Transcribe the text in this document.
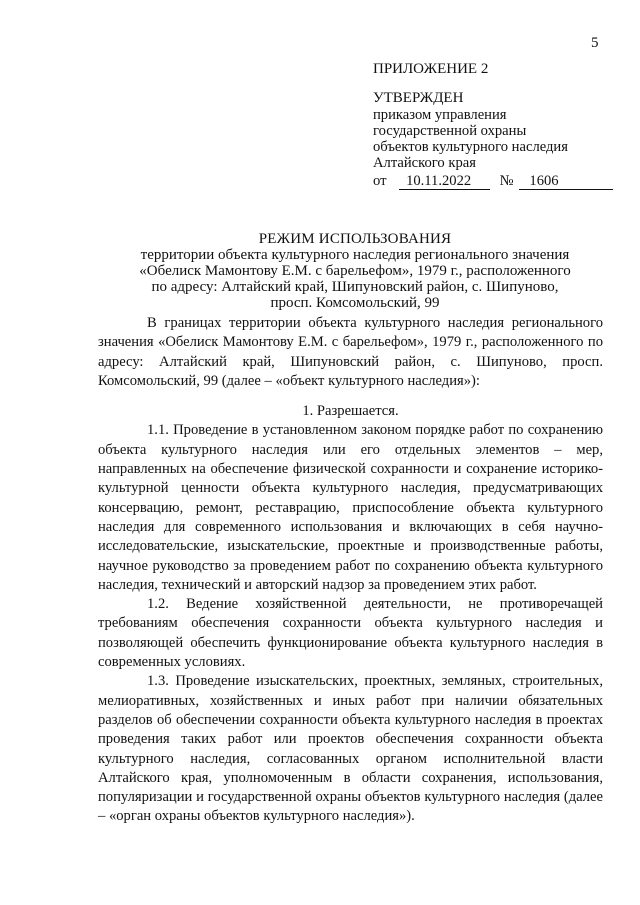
5
ПРИЛОЖЕНИЕ 2
УТВЕРЖДЕН
приказом управления
государственной охраны
объектов культурного наследия
Алтайского края
от	10.11.2022	№	1606
РЕЖИМ ИСПОЛЬЗОВАНИЯ
территории объекта культурного наследия регионального значения
«Обелиск Мамонтову Е.М. с барельефом», 1979 г., расположенного
по адресу: Алтайский край, Шипуновский район, с. Шипуново,
просп. Комсомольский, 99

В границах территории объекта культурного наследия регионального значения «Обелиск Мамонтову Е.М. с барельефом», 1979 г., расположенного по адресу: Алтайский край, Шипуновский район, с. Шипуново, просп. Комсомольский, 99 (далее – «объект культурного наследия»):

1. Разрешается.

1.1. Проведение в установленном законом порядке работ по сохранению объекта культурного наследия или его отдельных элементов – мер, направленных на обеспечение физической сохранности и сохранение историко-культурной ценности объекта культурного наследия, предусматривающих консервацию, ремонт, реставрацию, приспособление объекта культурного наследия для современного использования и включающих в себя научно-исследовательские, изыскательские, проектные и производственные работы, научное руководство за проведением работ по сохранению объекта культурного наследия, технический и авторский надзор за проведением этих работ.

1.2. Ведение хозяйственной деятельности, не противоречащей требованиям обеспечения сохранности объекта культурного наследия и позволяющей обеспечить функционирование объекта культурного наследия в современных условиях.

1.3. Проведение изыскательских, проектных, земляных, строительных, мелиоративных, хозяйственных и иных работ при наличии обязательных разделов об обеспечении сохранности объекта культурного наследия в проектах проведения таких работ или проектов обеспечения сохранности объекта культурного наследия, согласованных органом исполнительной власти Алтайского края, уполномоченным в области сохранения, использования, популяризации и государственной охраны объектов культурного наследия (далее – «орган охраны объектов культурного наследия»).
